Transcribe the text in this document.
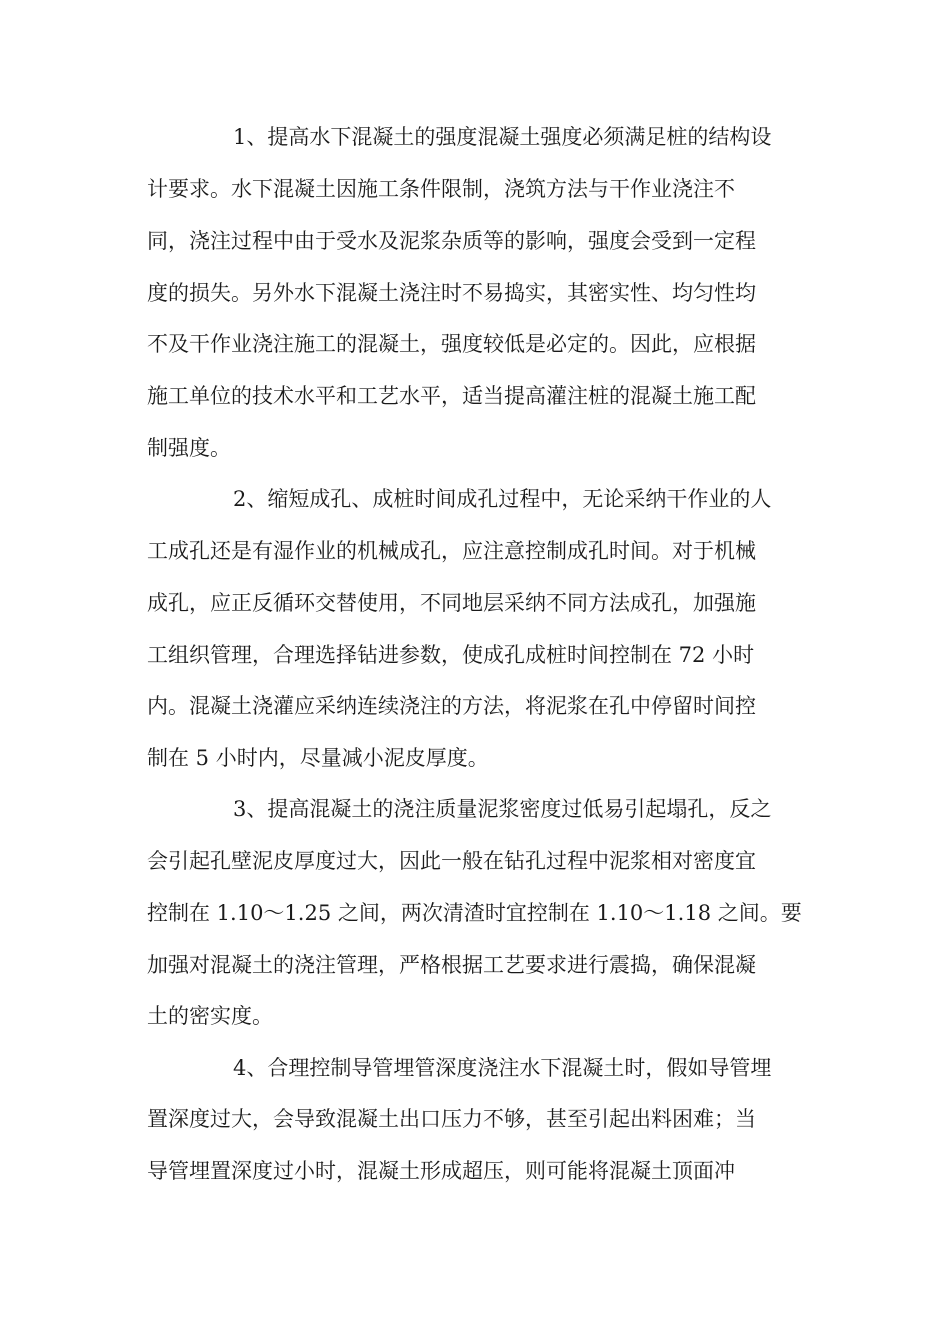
1、提高水下混凝土的强度混凝土强度必须满足桩的结构设
计要求。水下混凝土因施工条件限制，浇筑方法与干作业浇注不
同，浇注过程中由于受水及泥浆杂质等的影响，强度会受到一定程
度的损失。另外水下混凝土浇注时不易捣实，其密实性、均匀性均
不及干作业浇注施工的混凝土，强度较低是必定的。因此，应根据
施工单位的技术水平和工艺水平，适当提高灌注桩的混凝土施工配
制强度。
2、缩短成孔、成桩时间成孔过程中，无论采纳干作业的人
工成孔还是有湿作业的机械成孔，应注意控制成孔时间。对于机械
成孔，应正反循环交替使用，不同地层采纳不同方法成孔，加强施
工组织管理，合理选择钻进参数，使成孔成桩时间控制在 72 小时
内。混凝土浇灌应采纳连续浇注的方法，将泥浆在孔中停留时间控
制在 5 小时内，尽量减小泥皮厚度。
3、提高混凝土的浇注质量泥浆密度过低易引起塌孔，反之
会引起孔壁泥皮厚度过大，因此一般在钻孔过程中泥浆相对密度宜
控制在 1.10～1.25 之间，两次清渣时宜控制在 1.10～1.18 之间。要
加强对混凝土的浇注管理，严格根据工艺要求进行震捣，确保混凝
土的密实度。
4、合理控制导管埋管深度浇注水下混凝土时，假如导管埋
置深度过大，会导致混凝土出口压力不够，甚至引起出料困难；当
导管埋置深度过小时，混凝土形成超压，则可能将混凝土顶面冲
